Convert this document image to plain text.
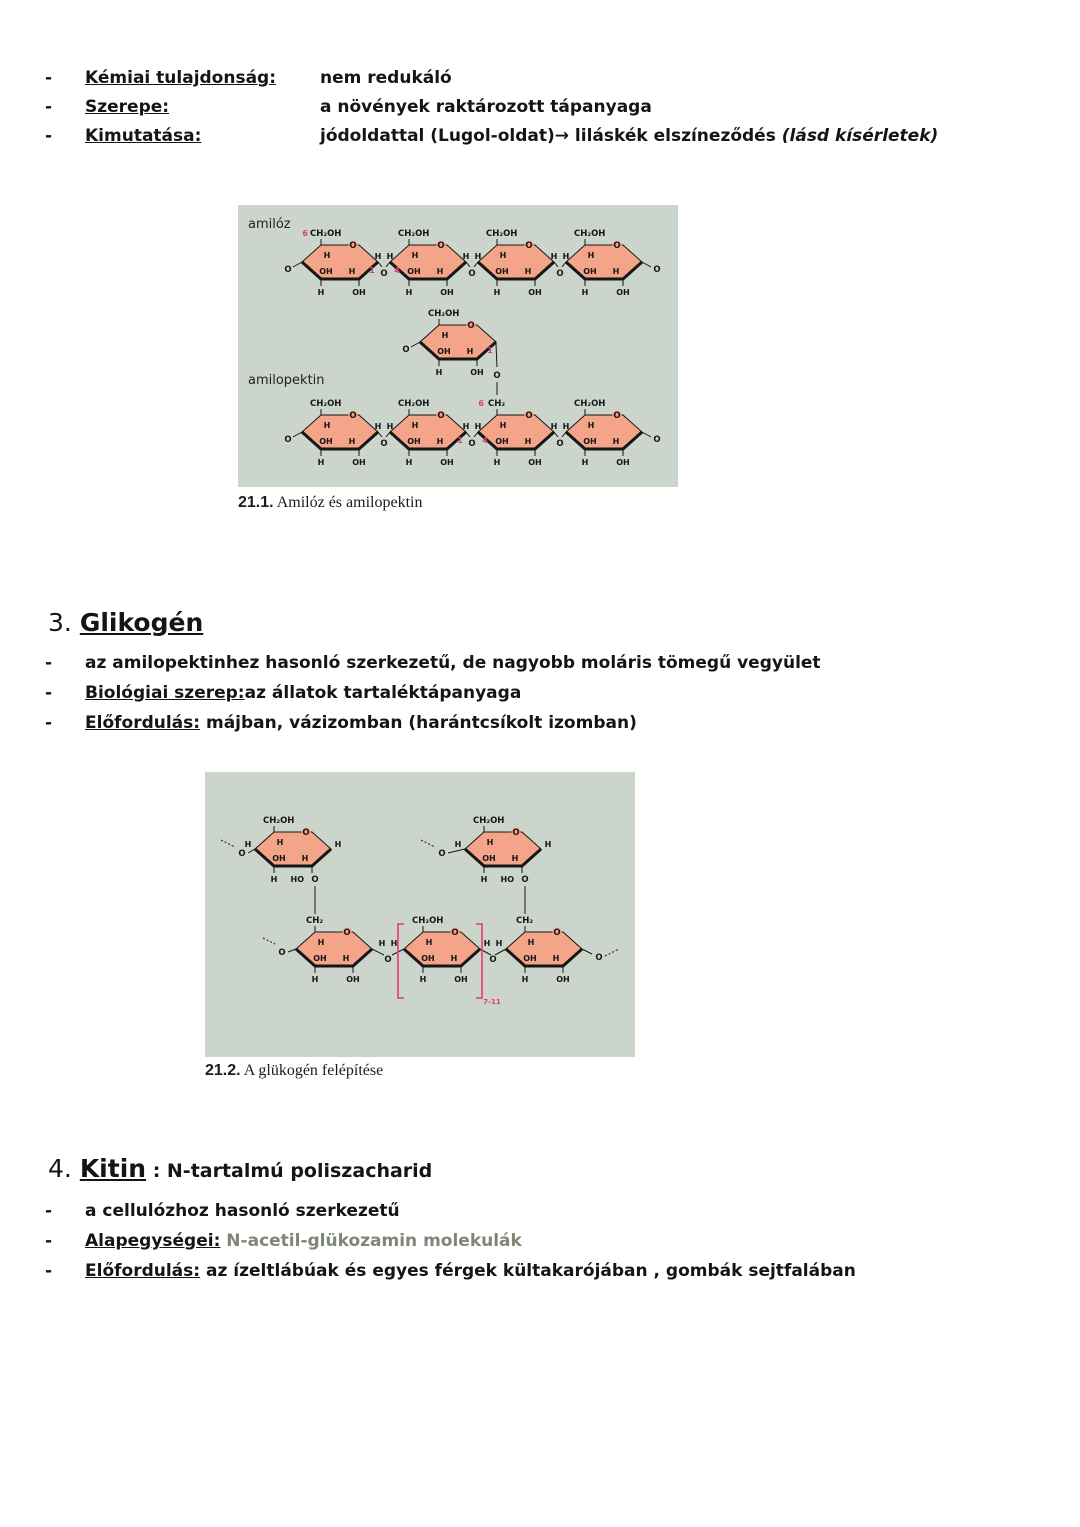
-	Kémiai tulajdonság:	nem redukáló
-	Szerepe:	a növények raktározott tápanyaga
-	Kimutatása:	jódoldattal (Lugol-oldat)→ liláskék elszíneződés (lásd kísérletek)
O	O
CH₂OH
6
O
H
OH H
H	OH
1
CH₂OH
O
H
OH H
H	OH
4
CH₂OH
O
H
OH H
H	OH
CH₂OH
O
H
OH H
H	OH
H H
O
H H
O
H H
O
O
CH₂OH
O
H
OH H
H	OH
1
O
O	O
CH₂OH
O
H
OH H
H	OH
CH₂OH
O
H
OH H
H	OH
1
CH₂
6
O
H
OH H
H	OH
4
CH₂OH
O
H
OH H
H	OH
H H
O
H H
O
H H
O
amilóz
amilopektin
21.1. Amilóz és amilopektin
3. Glikogén
-	az amilopektinhez hasonló szerkezetű, de nagyobb moláris tömegű vegyület
-	Biológiai szerep:az állatok tartaléktápanyaga
-	Előfordulás: májban, vázizomban (harántcsíkolt izomban)
O
CH₂OH
O
H
OH H
H
H	H
HO O
O
CH₂OH
O
H
OH H
H
H	H
HO O
O
CH₂
O
H
OH H
H	OH
CH₂OH
O
H
OH H
H	OH
CH₂
O
H
OH H
H	OH
H H
O
H H
O	O
7-11
21.2. A glükogén felépítése
4. Kitin : N-tartalmú poliszacharid
-	a cellulózhoz hasonló szerkezetű
-	Alapegységei: N-acetil-glükozamin molekulák
-	Előfordulás: az ízeltlábúak és egyes férgek kültakarójában , gombák sejtfalában
